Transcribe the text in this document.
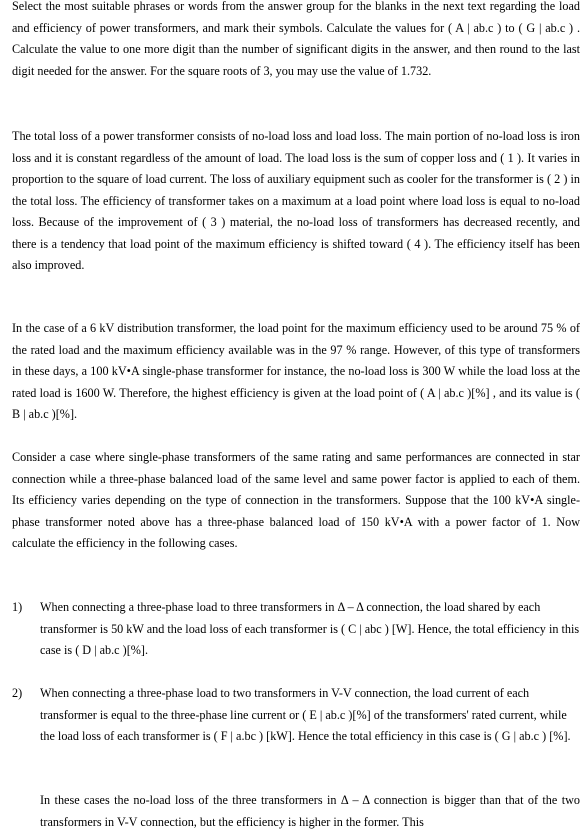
Select the most suitable phrases or words from the answer group for the blanks in the next text regarding the load and efficiency of power transformers, and mark their symbols. Calculate the values for ( A | ab.c ) to ( G | ab.c ) . Calculate the value to one more digit than the number of significant digits in the answer, and then round to the last digit needed for the answer. For the square roots of 3, you may use the value of 1.732.

The total loss of a power transformer consists of no-load loss and load loss. The main portion of no-load loss is iron loss and it is constant regardless of the amount of load. The load loss is the sum of copper loss and ( 1 ). It varies in proportion to the square of load current. The loss of auxiliary equipment such as cooler for the transformer is ( 2 ) in the total loss. The efficiency of transformer takes on a maximum at a load point where load loss is equal to no-load loss. Because of the improvement of ( 3 ) material, the no-load loss of transformers has decreased recently, and there is a tendency that load point of the maximum efficiency is shifted toward ( 4 ). The efficiency itself has been also improved.

In the case of a 6 kV distribution transformer, the load point for the maximum efficiency used to be around 75 % of the rated load and the maximum efficiency available was in the 97 % range. However, of this type of transformers in these days, a 100 kV•A single-phase transformer for instance, the no-load loss is 300 W while the load loss at the rated load is 1600 W. Therefore, the highest efficiency is given at the load point of ( A | ab.c )[%] , and its value is ( B | ab.c )[%].

Consider a case where single-phase transformers of the same rating and same performances are connected in star connection while a three-phase balanced load of the same level and same power factor is applied to each of them. Its efficiency varies depending on the type of connection in the transformers. Suppose that the 100 kV•A single-phase transformer noted above has a three-phase balanced load of 150 kV•A with a power factor of 1. Now calculate the efficiency in the following cases.

1)	When connecting a three-phase load to three transformers in Δ – Δ connection, the load shared by each transformer is 50 kW and the load loss of each transformer is ( C | abc ) [W]. Hence, the total efficiency in this case is ( D | ab.c )[%].

2)	When connecting a three-phase load to two transformers in V-V connection, the load current of each transformer is equal to the three-phase line current or ( E | ab.c )[%] of the transformers' rated current, while the load loss of each transformer is ( F | a.bc ) [kW]. Hence the total efficiency in this case is ( G | ab.c ) [%].

In these cases the no-load loss of the three transformers in Δ – Δ connection is bigger than that of the two transformers in V-V connection, but the efficiency is higher in the former. This
